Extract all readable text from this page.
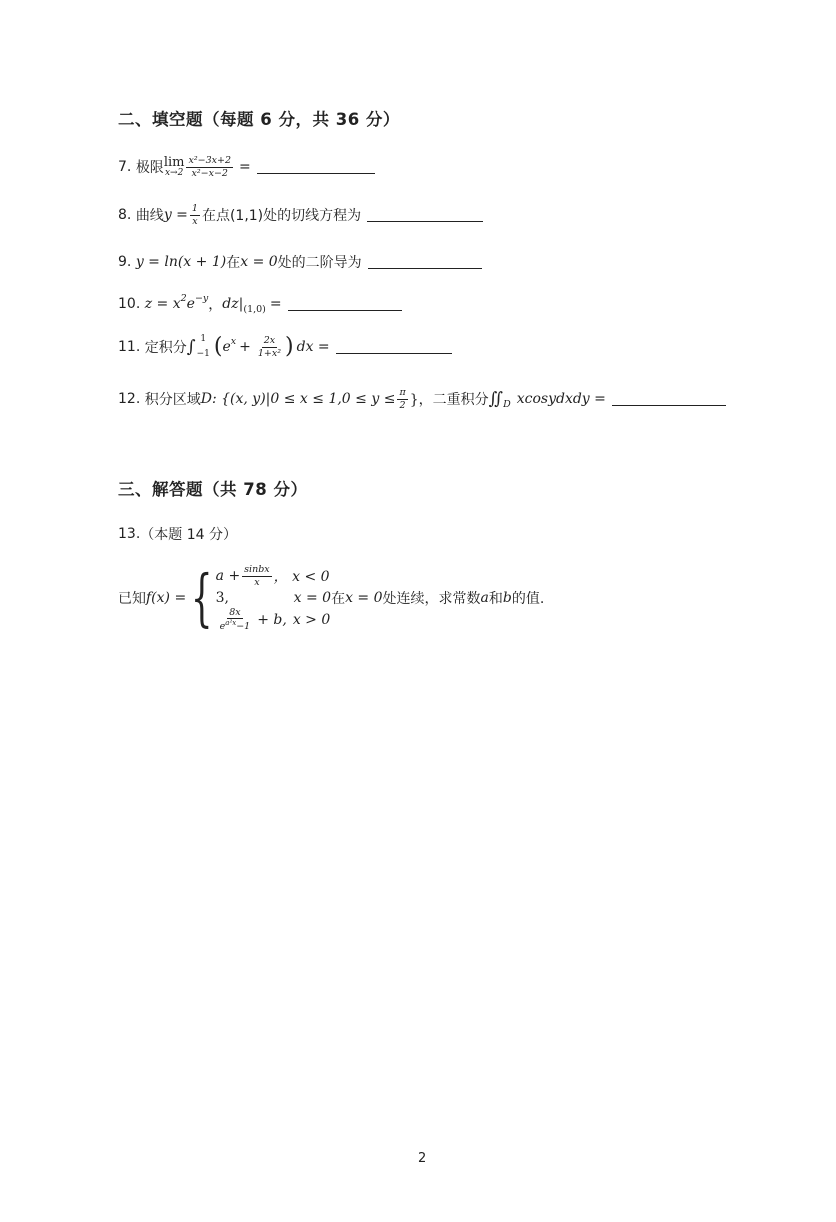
二、填空题（每题 6 分，共 36 分）
7.
极限 lim
$x\to 2 \frac{\text{x²−3x+2}}{\text{x²−x−2}}$ =
8.
曲线 $y = \frac{1}{x}$ 在点(1,1)处的切线方程为
9.
y = ln(x + 1) 在 x = 0 处的二阶导为
10.
z = x 2 e −y ， dz| (1,0) =
11.
定积分 ∫ 1
−1 ( e $x + \frac{2x}{\text{1+x²}}$ ) dx =
12.
积分区域 D : {(x, $y)|0 \le x \le 1,0 \le y \le \frac{\pi}{2}$ }， 二重积分 ∬ D xcosydxdy =
三、解答题（共 78 分）
13. （本题 14 分）
已知 f(x) = { $a + \frac{\text{sinbx}}{x}$ ， x < 0
3,	x = 0
$\frac{8x}{e^{a^2x}-1} + b$, x > 0
在 x = 0 处连续，求常数 a 和 b 的值.
2
